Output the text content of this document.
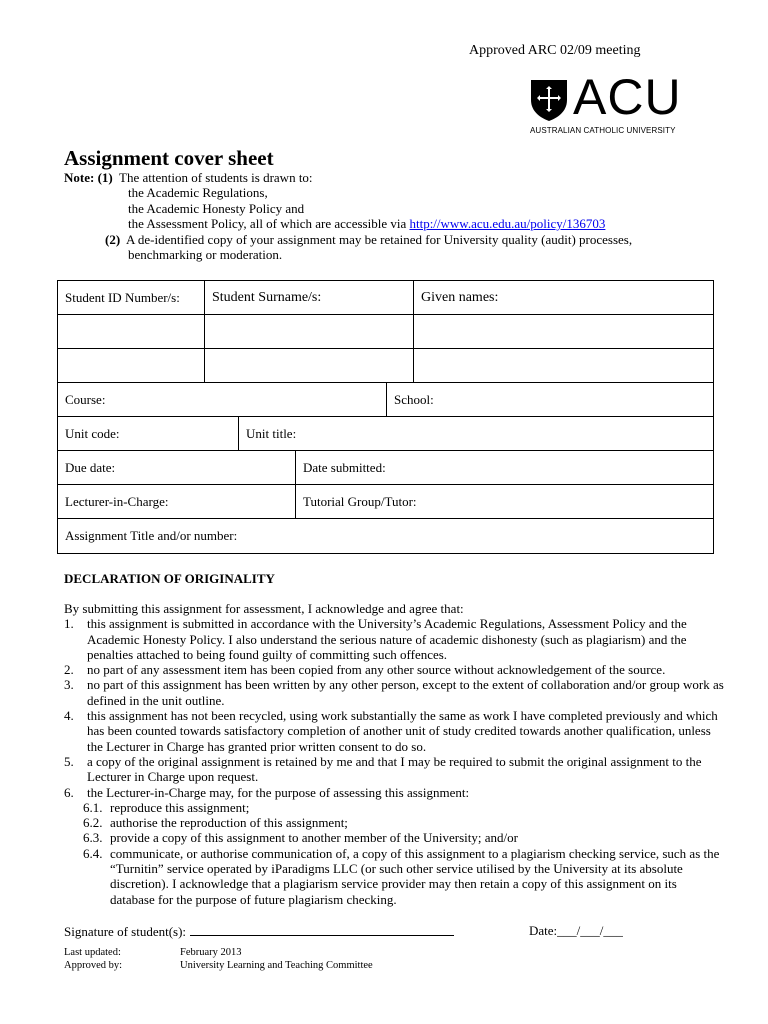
Approved ARC 02/09 meeting
ACU
AUSTRALIAN CATHOLIC UNIVERSITY
Assignment cover sheet
Note: (1) The attention of students is drawn to:
the Academic Regulations,
the Academic Honesty Policy and
the Assessment Policy, all of which are accessible via http://www.acu.edu.au/policy/136703
(2) A de-identified copy of your assignment may be retained for University quality (audit) processes,
benchmarking or moderation.
Student ID Number/s:	Student Surname/s:	Given names:
Course:	School:
Unit code:	Unit title:
Due date:	Date submitted:
Lecturer-in-Charge:	Tutorial Group/Tutor:
Assignment Title and/or number:
DECLARATION OF ORIGINALITY
By submitting this assignment for assessment, I acknowledge and agree that:
1. this assignment is submitted in accordance with the University’s Academic Regulations, Assessment Policy and the Academic Honesty Policy. I also understand the serious nature of academic dishonesty (such as plagiarism) and the penalties attached to being found guilty of committing such offences.
2. no part of any assessment item has been copied from any other source without acknowledgement of the source.
3. no part of this assignment has been written by any other person, except to the extent of collaboration and/or group work as defined in the unit outline.
4. this assignment has not been recycled, using work substantially the same as work I have completed previously and which has been counted towards satisfactory completion of another unit of study credited towards another qualification, unless the Lecturer in Charge has granted prior written consent to do so.
5. a copy of the original assignment is retained by me and that I may be required to submit the original assignment to the Lecturer in Charge upon request.
6. the Lecturer-in-Charge may, for the purpose of assessing this assignment:
6.1. reproduce this assignment;
6.2. authorise the reproduction of this assignment;
6.3. provide a copy of this assignment to another member of the University; and/or
6.4. communicate, or authorise communication of, a copy of this assignment to a plagiarism checking service, such as the “Turnitin” service operated by iParadigms LLC (or such other service utilised by the University at its absolute discretion). I acknowledge that a plagiarism service provider may then retain a copy of this assignment on its database for the purpose of future plagiarism checking.
Signature of student(s):	Date:___/___/___
Last updated:	February 2013
Approved by:	University Learning and Teaching Committee
